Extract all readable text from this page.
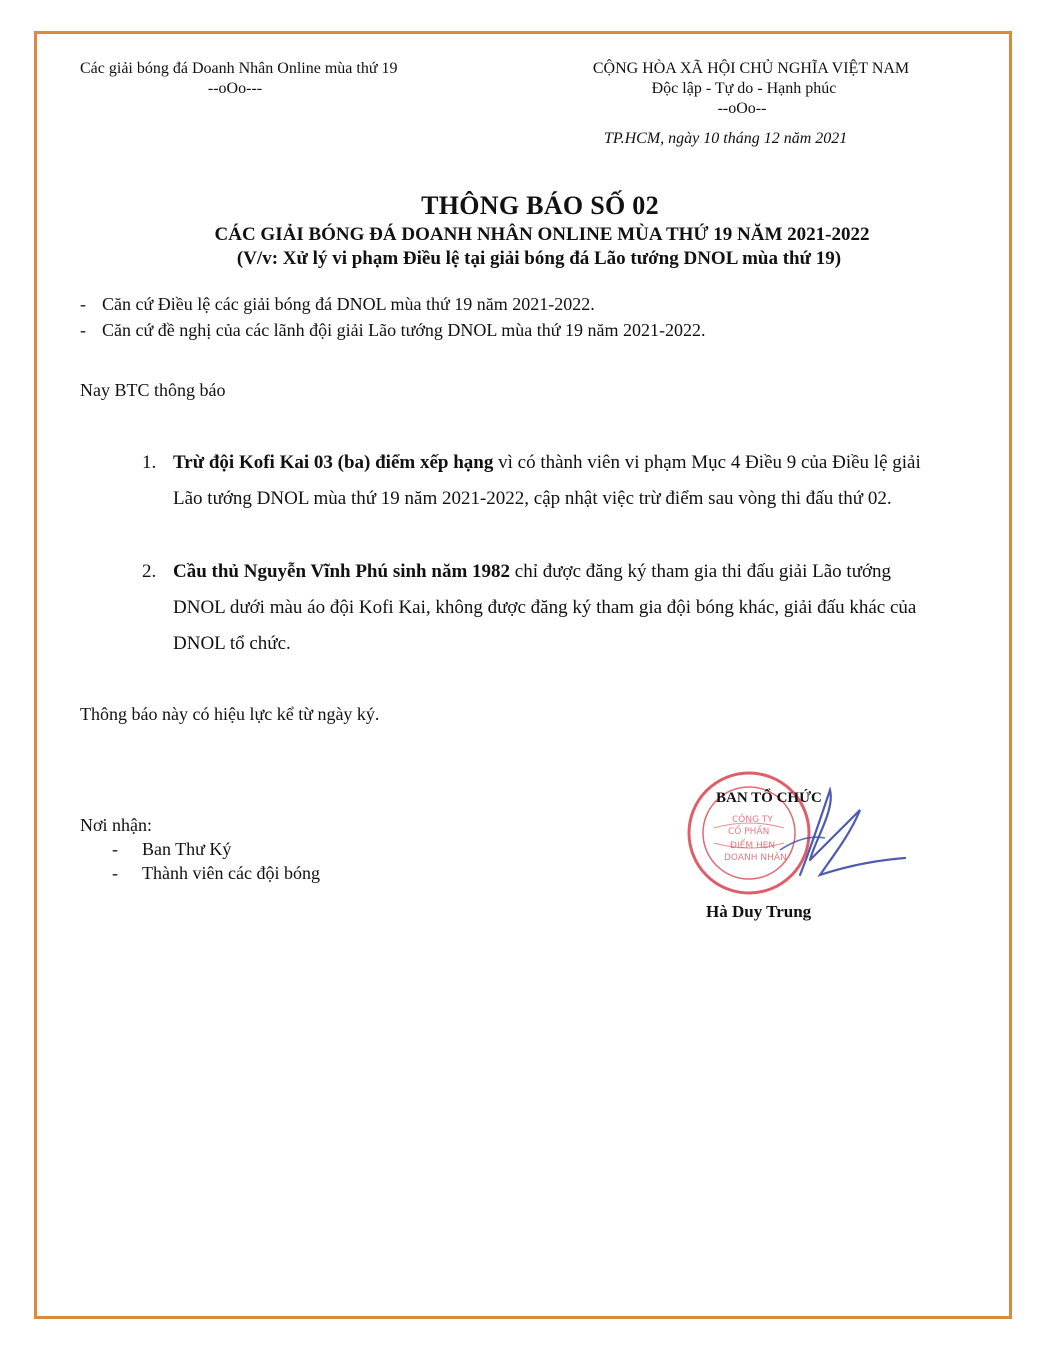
Các giải bóng đá Doanh Nhân Online mùa thứ 19
--oOo---
CỘNG HÒA XÃ HỘI CHỦ NGHĨA VIỆT NAM
Độc lập - Tự do - Hạnh phúc
--oOo--
TP.HCM, ngày 10 tháng 12 năm 2021
THÔNG BÁO SỐ 02
CÁC GIẢI BÓNG ĐÁ DOANH NHÂN ONLINE MÙA THỨ 19 NĂM 2021-2022
(V/v: Xử lý vi phạm Điều lệ tại giải bóng đá Lão tướng DNOL mùa thứ 19)
- Căn cứ Điều lệ các giải bóng đá DNOL mùa thứ 19 năm 2021-2022.
- Căn cứ đề nghị của các lãnh đội giải Lão tướng DNOL mùa thứ 19 năm 2021-2022.
Nay BTC thông báo
1. Trừ đội Kofi Kai 03 (ba) điểm xếp hạng vì có thành viên vi phạm Mục 4 Điều 9 của Điều lệ giải
Lão tướng DNOL mùa thứ 19 năm 2021-2022, cập nhật việc trừ điểm sau vòng thi đấu thứ 02.
2. Cầu thủ Nguyễn Vĩnh Phú sinh năm 1982 chỉ được đăng ký tham gia thi đấu giải Lão tướng
DNOL dưới màu áo đội Kofi Kai, không được đăng ký tham gia đội bóng khác, giải đấu khác của
DNOL tổ chức.
Thông báo này có hiệu lực kể từ ngày ký.
Nơi nhận:
- Ban Thư Ký
- Thành viên các đội bóng
CÔNG TY
CỔ PHẦN
ĐIỂM HẸN
DOANH NHÂN
BAN TỔ CHỨC
Hà Duy Trung
